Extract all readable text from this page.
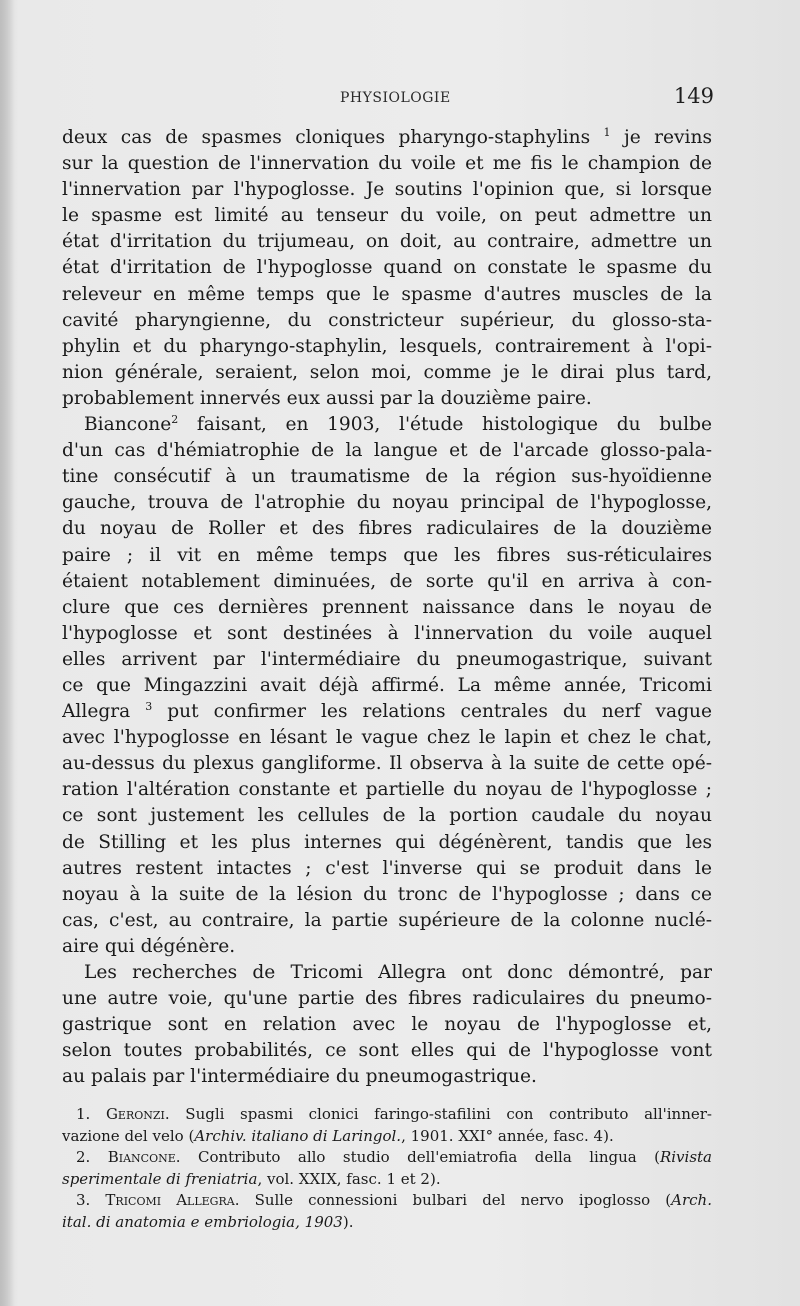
PHYSIOLOGIE	149
deux cas de spasmes cloniques pharyngo-staphylins $^1$ je revins
sur la question de l'innervation du voile et me fis le champion de
l'innervation par l'hypoglosse. Je soutins l'opinion que, si lorsque
le spasme est limité au tenseur du voile, on peut admettre un
état d'irritation du trijumeau, on doit, au contraire, admettre un
état d'irritation de l'hypoglosse quand on constate le spasme du
releveur en même temps que le spasme d'autres muscles de la
cavité pharyngienne, du constricteur supérieur, du glosso-sta-
phylin et du pharyngo-staphylin, lesquels, contrairement à l'opi-
nion générale, seraient, selon moi, comme je le dirai plus tard,
probablement innervés eux aussi par la douzième paire.
Biancone$^2$ faisant, en 1903, l'étude histologique du bulbe
d'un cas d'hémiatrophie de la langue et de l'arcade glosso-pala-
tine consécutif à un traumatisme de la région sus-hyoïdienne
gauche, trouva de l'atrophie du noyau principal de l'hypoglosse,
du noyau de Roller et des fibres radiculaires de la douzième
paire ; il vit en même temps que les fibres sus-réticulaires
étaient notablement diminuées, de sorte qu'il en arriva à con-
clure que ces dernières prennent naissance dans le noyau de
l'hypoglosse et sont destinées à l'innervation du voile auquel
elles arrivent par l'intermédiaire du pneumogastrique, suivant
ce que Mingazzini avait déjà affirmé. La même année, Tricomi
Allegra $^3$ put confirmer les relations centrales du nerf vague
avec l'hypoglosse en lésant le vague chez le lapin et chez le chat,
au-dessus du plexus gangliforme. Il observa à la suite de cette opé-
ration l'altération constante et partielle du noyau de l'hypoglosse ;
ce sont justement les cellules de la portion caudale du noyau
de Stilling et les plus internes qui dégénèrent, tandis que les
autres restent intactes ; c'est l'inverse qui se produit dans le
noyau à la suite de la lésion du tronc de l'hypoglosse ; dans ce
cas, c'est, au contraire, la partie supérieure de la colonne nuclé-
aire qui dégénère.
Les recherches de Tricomi Allegra ont donc démontré, par
une autre voie, qu'une partie des fibres radiculaires du pneumo-
gastrique sont en relation avec le noyau de l'hypoglosse et,
selon toutes probabilités, ce sont elles qui de l'hypoglosse vont
au palais par l'intermédiaire du pneumogastrique.
1. Geronzi. Sugli spasmi clonici faringo-stafilini con contributo all'inner-
vazione del velo (Archiv. italiano di Laringol., 1901. XXI° année, fasc. 4).
2. Biancone. Contributo allo studio dell'emiatrofia della lingua (Rivista
sperimentale di freniatria, vol. XXIX, fasc. 1 et 2).
3. Tricomi Allegra. Sulle connessioni bulbari del nervo ipoglosso (Arch.
ital. di anatomia e embriologia, 1903).
